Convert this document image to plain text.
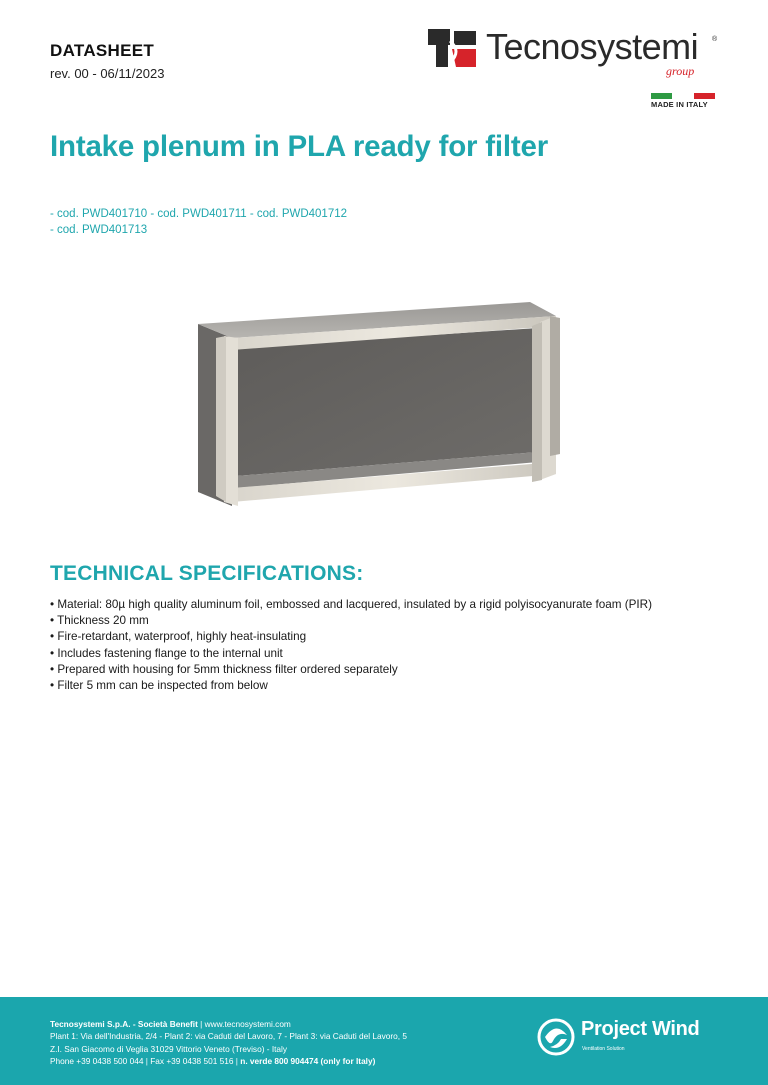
DATASHEET
rev. 00 - 06/11/2023
Tecnosystemi ®
group
MADE IN ITALY
Intake plenum in PLA ready for filter
- cod. PWD401710 - cod. PWD401711 - cod. PWD401712
- cod. PWD401713
TECHNICAL SPECIFICATIONS:
• Material: 80µ high quality aluminum foil, embossed and lacquered, insulated by a rigid polyisocyanurate foam (PIR)
• Thickness 20 mm
• Fire-retardant, waterproof, highly heat-insulating
• Includes fastening flange to the internal unit
• Prepared with housing for 5mm thickness filter ordered separately
• Filter 5 mm can be inspected from below
Tecnosystemi S.p.A. - Società Benefit | www.tecnosystemi.com
Plant 1: Via dell'Industria, 2/4 - Plant 2: via Caduti del Lavoro, 7 - Plant 3: via Caduti del Lavoro, 5
Z.I. San Giacomo di Veglia 31029 Vittorio Veneto (Treviso) - Italy
Phone +39 0438 500 044 | Fax +39 0438 501 516 | n. verde 800 904474 (only for Italy)
Project Wind
Ventilation Solution
